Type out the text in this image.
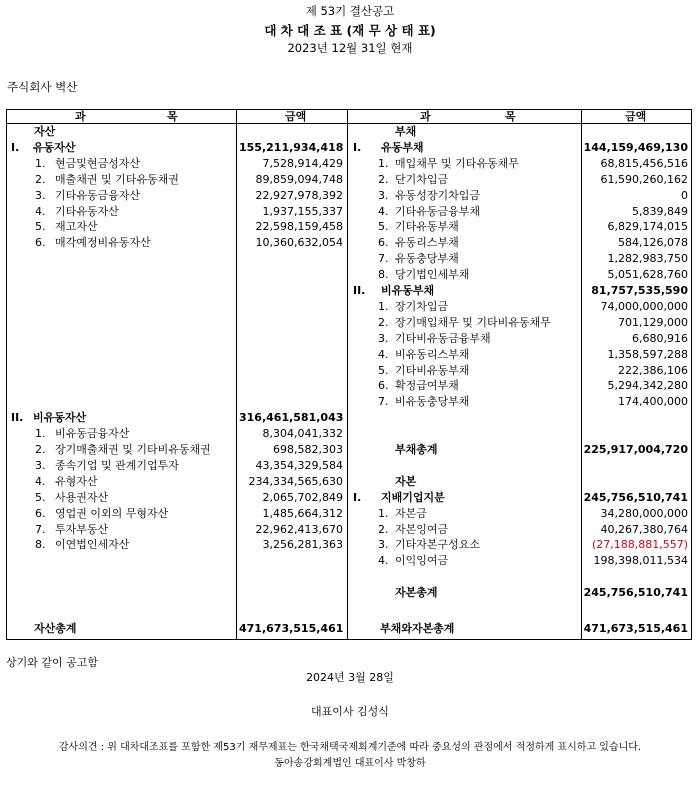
제 53기 결산공고
대 차 대 조 표 (재 무 상 태 표)
2023년 12월 31일 현재
주식회사 벽산
과	목	금액	과	목	금액
자산
I. 유동자산	155,211,934,418
1. 현금및현금성자산	7,528,914,429
2. 매출채권 및 기타유동채권	89,859,094,748
3. 기타유동금융자산	22,927,978,392
4. 기타유동자산	1,937,155,337
5. 재고자산	22,598,159,458
6. 매각예정비유동자산	10,360,632,054
II. 비유동자산	316,461,581,043
1. 비유동금융자산	8,304,041,332
2. 장기매출채권 및 기타비유동채권	698,582,303
3. 종속기업 및 관계기업투자	43,354,329,584
4. 유형자산	234,334,565,630
5. 사용권자산	2,065,702,849
6. 영업권 이외의 무형자산	1,485,664,312
7. 투자부동산	22,962,413,670
8. 이연법인세자산	3,256,281,363
부채
I. 유동부채	144,159,469,130
1. 매입채무 및 기타유동채무	68,815,456,516
2. 단기차입금	61,590,260,162
3. 유동성장기차입금	0
4. 기타유동금융부채	5,839,849
5. 기타유동부채	6,829,174,015
6. 유동리스부채	584,126,078
7. 유동충당부채	1,282,983,750
8. 당기법인세부채	5,051,628,760
II. 비유동부채	81,757,535,590
1. 장기차입금	74,000,000,000
2. 장기매입채무 및 기타비유동채무	701,129,000
3. 기타비유동금융부채	6,680,916
4. 비유동리스부채	1,358,597,288
5. 기타비유동부채	222,386,106
6. 확정급여부채	5,294,342,280
7. 비유동충당부채	174,400,000
부채총계	225,917,004,720
자본
I. 지배기업지분	245,756,510,741
1. 자본금	34,280,000,000
2. 자본잉여금	40,267,380,764
3. 기타자본구성요소	(27,188,881,557)
4. 이익잉여금	198,398,011,534
자본총계	245,756,510,741
자산총계	471,673,515,461	부채와자본총계	471,673,515,461
상기와 같이 공고함
2024년 3월 28일
대표이사 김성식
감사의견 : 위 대차대조표를 포함한 제53기 재무제표는 한국채택국제회계기준에 따라 중요성의 관점에서 적정하게 표시하고 있습니다.
동아송강회계법인 대표이사 박창하
